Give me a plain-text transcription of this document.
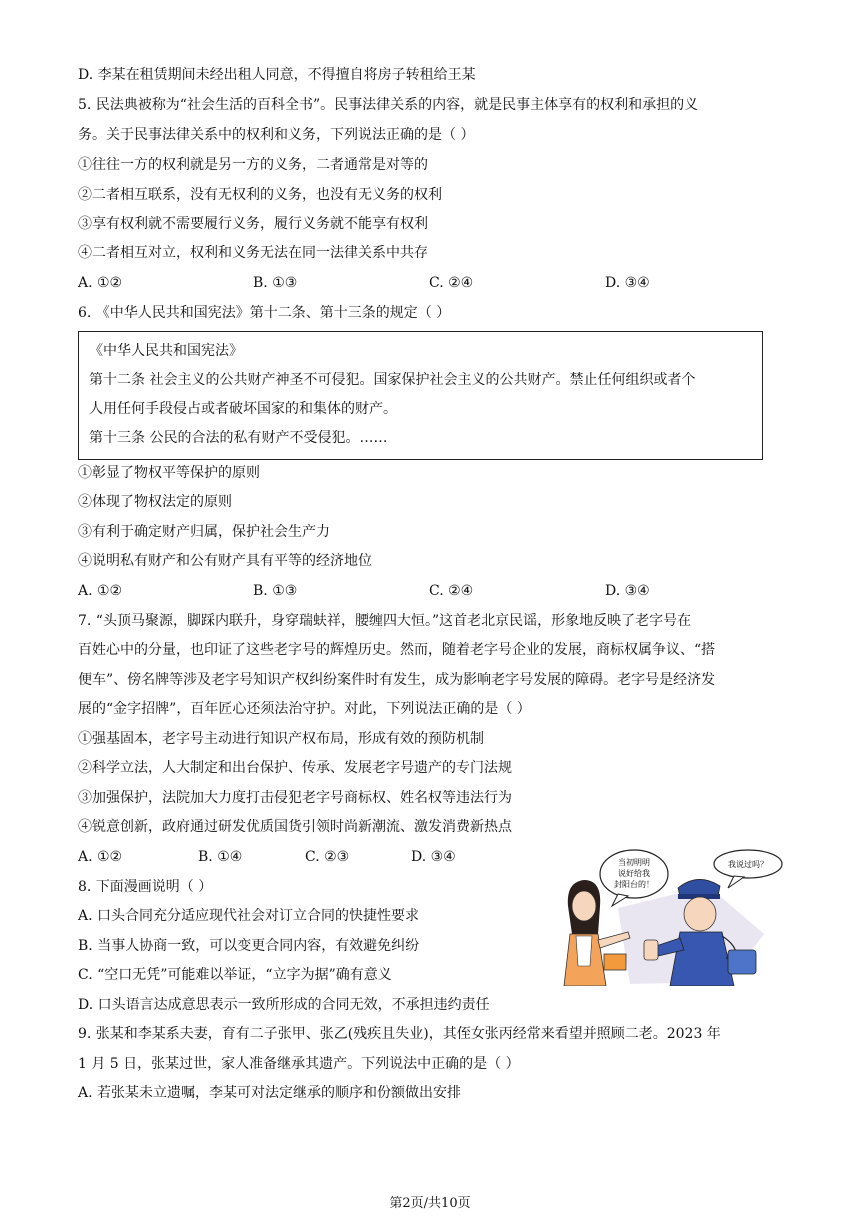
D. 李某在租赁期间未经出租人同意，不得擅自将房子转租给王某
5. 民法典被称为“社会生活的百科全书”。民事法律关系的内容，就是民事主体享有的权利和承担的义
务。关于民事法律关系中的权利和义务，下列说法正确的是（ ）
①往往一方的权利就是另一方的义务，二者通常是对等的
②二者相互联系，没有无权利的义务，也没有无义务的权利
③享有权利就不需要履行义务，履行义务就不能享有权利
④二者相互对立，权利和义务无法在同一法律关系中共存
A. ①②	B. ①③	C. ②④	D. ③④
6. 《中华人民共和国宪法》第十二条、第十三条的规定（ ）
《中华人民共和国宪法》
第十二条 社会主义的公共财产神圣不可侵犯。国家保护社会主义的公共财产。禁止任何组织或者个
人用任何手段侵占或者破坏国家的和集体的财产。
第十三条 公民的合法的私有财产不受侵犯。……
①彰显了物权平等保护的原则
②体现了物权法定的原则
③有利于确定财产归属，保护社会生产力
④说明私有财产和公有财产具有平等的经济地位
A. ①②	B. ①③	C. ②④	D. ③④
7. “头顶马聚源，脚踩内联升，身穿瑞蚨祥，腰缠四大恒。”这首老北京民谣，形象地反映了老字号在
百姓心中的分量，也印证了这些老字号的辉煌历史。然而，随着老字号企业的发展，商标权属争议、“搭
便车”、傍名牌等涉及老字号知识产权纠纷案件时有发生，成为影响老字号发展的障碍。老字号是经济发
展的“金字招牌”，百年匠心还须法治守护。对此，下列说法正确的是（ ）
①强基固本，老字号主动进行知识产权布局，形成有效的预防机制
②科学立法，人大制定和出台保护、传承、发展老字号遗产的专门法规
③加强保护，法院加大力度打击侵犯老字号商标权、姓名权等违法行为
④锐意创新，政府通过研发优质国货引领时尚新潮流、激发消费新热点
A. ①②	B. ①④	C. ②③	D. ③④
8. 下面漫画说明（ ）
A. 口头合同充分适应现代社会对订立合同的快捷性要求
B. 当事人协商一致，可以变更合同内容，有效避免纠纷
C. “空口无凭”可能难以举证，“立字为据”确有意义
D. 口头语言达成意思表示一致所形成的合同无效，不承担违约责任
当初明明
说好给我
封阳台的！
我说过吗？
9. 张某和李某系夫妻，育有二子张甲、张乙(残疾且失业)，其侄女张丙经常来看望并照顾二老。2023 年
1 月 5 日，张某过世，家人准备继承其遗产。下列说法中正确的是（ ）
A. 若张某未立遗嘱，李某可对法定继承的顺序和份额做出安排
第2页/共10页
